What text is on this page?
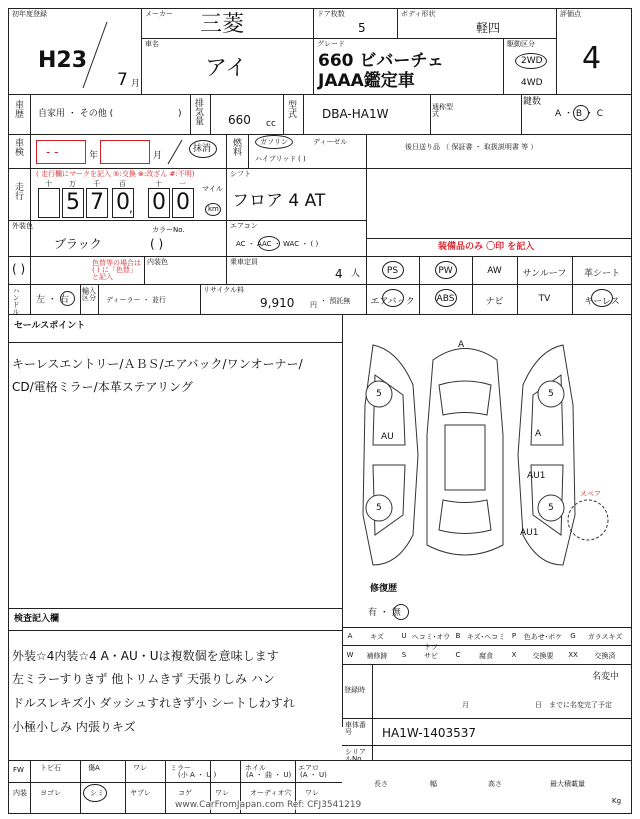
初年度登録
H23
7 月
メーカー 三菱	ドア枚数
5
ボディ形状
軽四
評価点
4
車名
アイ
グレード
660 ビバーチェ
JAAA鑑定車
駆動区分
2WD
4WD
車歴 自家用 ・ その他 (	) 排気量 660 cc
型式 DBA-HA1W	通称型式
鍵数
A ・ B ・ C
車検 - -	年	月
抹消 燃料	ガソリン	ディーゼル
ハイブリッド ( )
後日送り品 （ 保証書 ・ 取扱説明書 等 ）
走行
( 走行欄にマークを記入 ⑤:交換 ⊗:改ざん #:不明)
十 万
5
千
7
百
0
十
0
一
0
,
マイル
km
シフト
フロア 4 AT
外装色
ブラック
カラーNo.
( )
エアコン
AC ・ AAC ・ WAC ・ ( )	装備品のみ 〇印 を記入
( )	色替等の場合は ( ) に「色替」と記入
内装色	乗車定員
4 人
ハンドル 左 ・ 右
輸入区分 ディーラー ・ 並行
リサイクル料
9,910 円 ・ 預託無
PS	PW	AW	サンルーフ	革シート
エアバック	ABS	ナビ	TV	キーレス
セールスポイント
キーレスエントリー/ＡＢＳ/エアバック/ワンオーナー/
CD/電格ミラー/本革ステアリング
A
5
AU
5
5
A
AU1
5
AU1
スペア
修復歴
有 ・ 無
検査記入欄
外装☆4内装☆4 A・AU・Uは複数個を意味します
左ミラーすりきず 他トリムきず 天張りしみ ハン
ドルスレキズ小 ダッシュすれきず小 シートしわすれ
小極小しみ 内張りキズ
A	キズ	U ヘコミ･オウトツ
B キズ･ヘコミ P	色あせ･ボケ	G	ガラスキズ
W	補修跡	S	サビ	C	腐食	X	交換要	XX	交換済
登録時
名変中
月	日 までに名変完了予定
車体番号	HA1W-1403537
シリアルNo.
FW トビ石	傷A	ワレ	ミラー	ホイル	エアロ
(小 A ・ U )	(A ・ 曲 ・ U) (A ・ U)
内装 ヨゴレ	シミ	ヤブレ	コゲ	ワレ	オーディオ穴 ワレ
長さ	幅	高さ	最大積載量
Kg
www.CarFromJapan.com Ref: CFJ3541219
